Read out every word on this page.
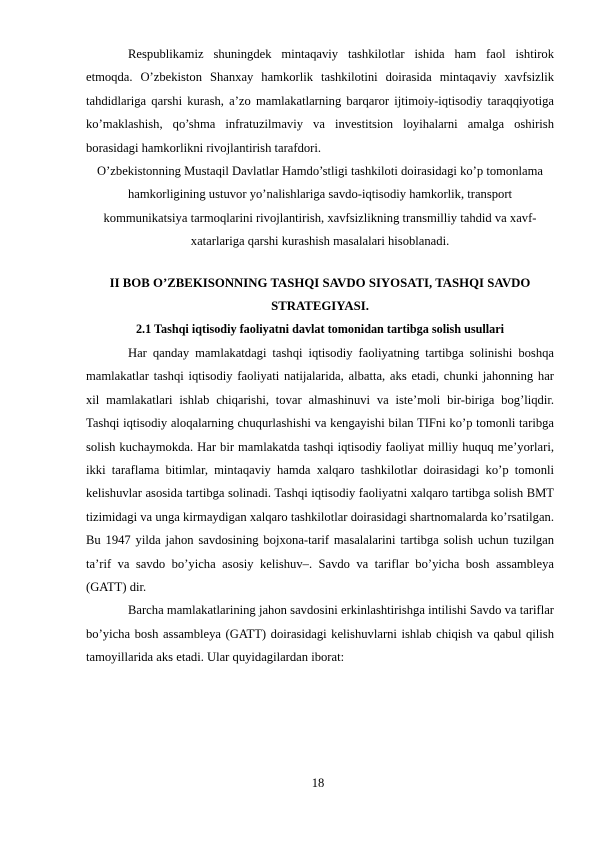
Respublikamiz shuningdek mintaqaviy tashkilotlar ishida ham faol ishtirok etmoqda. O’zbekiston Shanxay hamkorlik tashkilotini doirasida mintaqaviy xavfsizlik tahdidlariga qarshi kurash, a’zo mamlakatlarning barqaror ijtimoiy-iqtisodiy taraqqiyotiga ko’maklashish, qo’shma infratuzilmaviy va investitsion loyihalarni amalga oshirish borasidagi hamkorlikni rivojlantirish tarafdori.

O’zbekistonning Mustaqil Davlatlar Hamdo’stligi tashkiloti doirasidagi ko’p tomonlama hamkorligining ustuvor yo’nalishlariga savdo-iqtisodiy hamkorlik, transport kommunikatsiya tarmoqlarini rivojlantirish, xavfsizlikning transmilliy tahdid va xavf-xatarlariga qarshi kurashish masalalari hisoblanadi.

II BOB O’ZBEKISONNING TASHQI SAVDO SIYOSATI, TASHQI SAVDO STRATEGIYASI.

2.1 Tashqi iqtisodiy faoliyatni davlat tomonidan tartibga solish usullari

Har qanday mamlakatdagi tashqi iqtisodiy faoliyatning tartibga solinishi boshqa mamlakatlar tashqi iqtisodiy faoliyati natijalarida, albatta, aks etadi, chunki jahonning har xil mamlakatlari ishlab chiqarishi, tovar almashinuvi va iste’moli bir-biriga bog’liqdir. Tashqi iqtisodiy aloqalarning chuqurlashishi va kengayishi bilan TIFni ko’p tomonli taribga solish kuchaymokda. Har bir mamlakatda tashqi iqtisodiy faoliyat milliy huquq me’yorlari, ikki taraflama bitimlar, mintaqaviy hamda xalqaro tashkilotlar doirasidagi ko’p tomonli kelishuvlar asosida tartibga solinadi. Tashqi iqtisodiy faoliyatni xalqaro tartibga solish BMT tizimidagi va unga kirmaydigan xalqaro tashkilotlar doirasidagi shartnomalarda ko’rsatilgan. Bu 1947 yilda jahon savdosining bojxona-tarif masalalarini tartibga solish uchun tuzilgan ta’rif va savdo bo’yicha asosiy kelishuv–. Savdo va tariflar bo’yicha bosh assambleya (GATT) dir.

Barcha mamlakatlarining jahon savdosini erkinlashtirishga intilishi Savdo va tariflar bo’yicha bosh assambleya (GATT) doirasidagi kelishuvlarni ishlab chiqish va qabul qilish tamoyillarida aks etadi. Ular quyidagilardan iborat:

18
